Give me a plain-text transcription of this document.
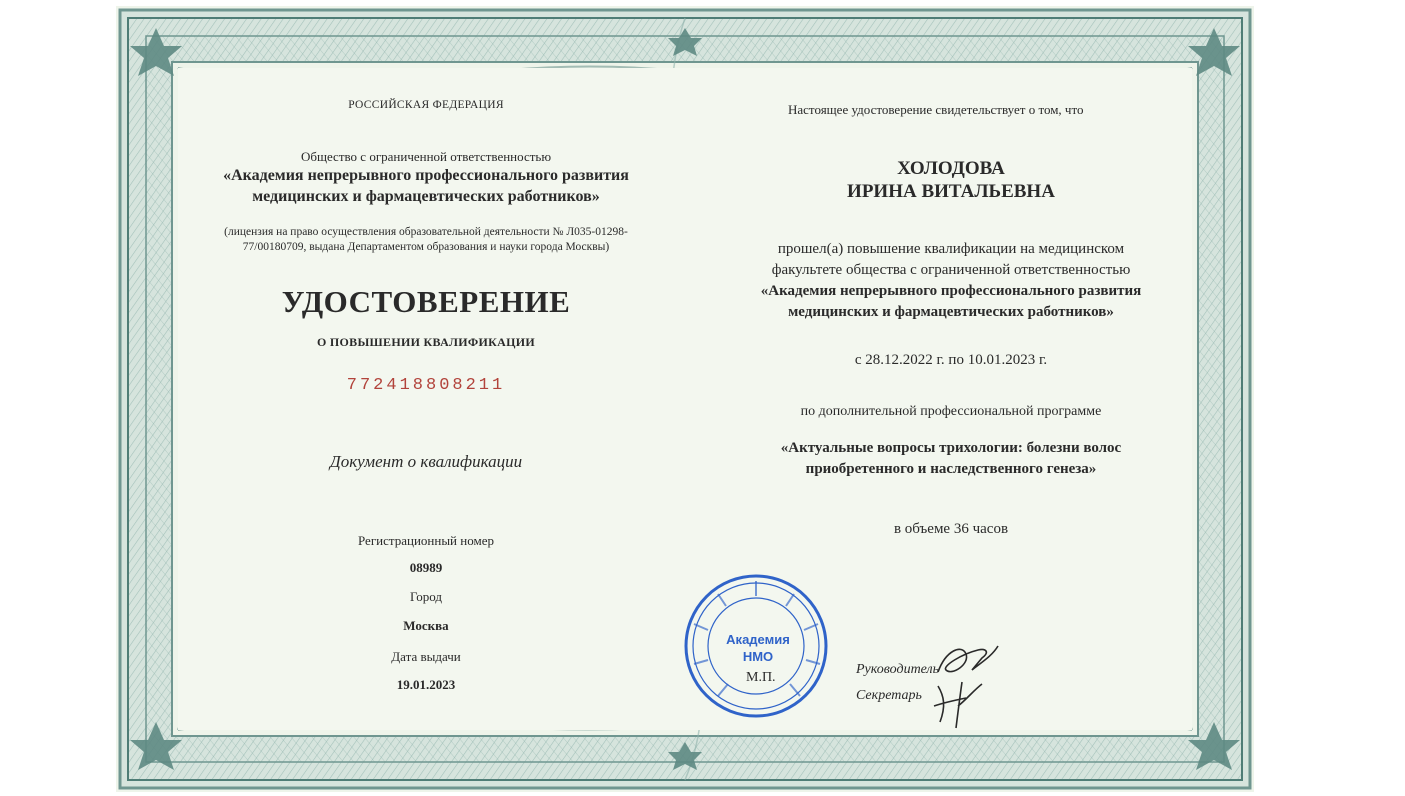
РОССИЙСКАЯ ФЕДЕРАЦИЯ

Общество с ограниченной ответственностью

«Академия непрерывного профессионального развития

медицинских и фармацевтических работников»

(лицензия на право осуществления образовательной деятельности № Л035-01298-

77/00180709, выдана Департаментом образования и науки города Москвы)

УДОСТОВЕРЕНИЕ

О ПОВЫШЕНИИ КВАЛИФИКАЦИИ

772418808211

Документ о квалификации

Регистрационный номер

08989

Город

Москва

Дата выдачи

19.01.2023

Настоящее удостоверение свидетельствует о том, что

ХОЛОДОВА

ИРИНА ВИТАЛЬЕВНА

прошел(а) повышение квалификации на медицинском

факультете общества с ограниченной ответственностью

«Академия непрерывного профессионального развития

медицинских и фармацевтических работников»

с 28.12.2022 г. по 10.01.2023 г.

по дополнительной профессиональной программе

«Актуальные вопросы трихологии: болезни волос

приобретенного и наследственного генеза»

в объеме 36 часов

Академия

НМО

М.П.

Руководитель

Секретарь
